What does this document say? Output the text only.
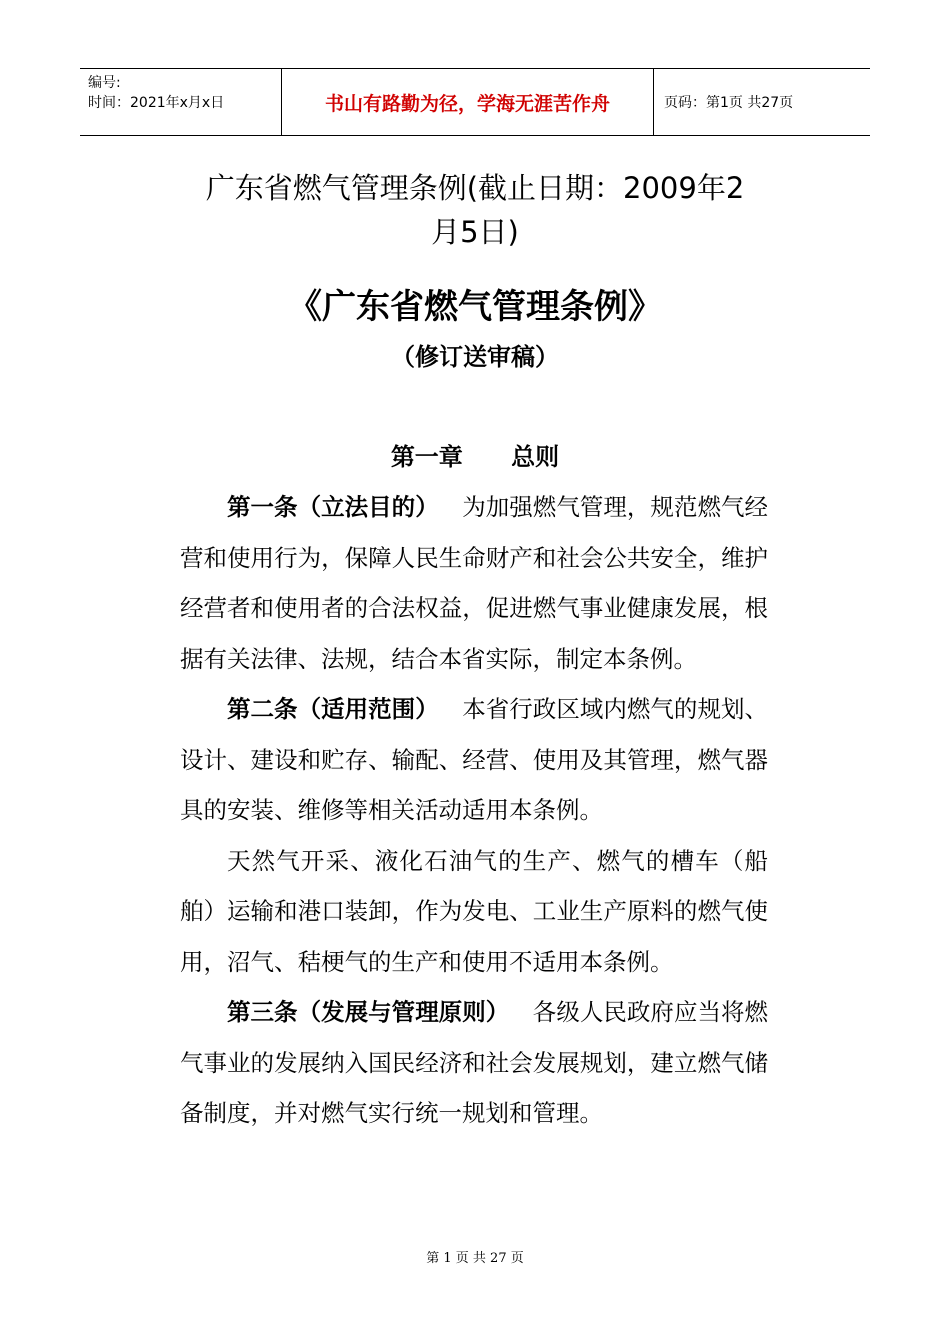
编号:
时间：2021年x月x日	书山有路勤为径，学海无涯苦作舟	页码：第1页 共27页
广东省燃气管理条例(截止日期：2009年2
月5日)
《广东省燃气管理条例》
（修订送审稿）
第一章 总则

第一条（立法目的） 为加强燃气管理，规范燃气经营和使用行为，保障人民生命财产和社会公共安全，维护经营者和使用者的合法权益，促进燃气事业健康发展，根据有关法律、法规，结合本省实际，制定本条例。

第二条（适用范围） 本省行政区域内燃气的规划、设计、建设和贮存、输配、经营、使用及其管理，燃气器具的安装、维修等相关活动适用本条例。

天然气开采、液化石油气的生产、燃气的槽车（船舶）运输和港口装卸，作为发电、工业生产原料的燃气使用，沼气、秸梗气的生产和使用不适用本条例。

第三条（发展与管理原则） 各级人民政府应当将燃气事业的发展纳入国民经济和社会发展规划，建立燃气储备制度，并对燃气实行统一规划和管理。

第 1 页 共 27 页
